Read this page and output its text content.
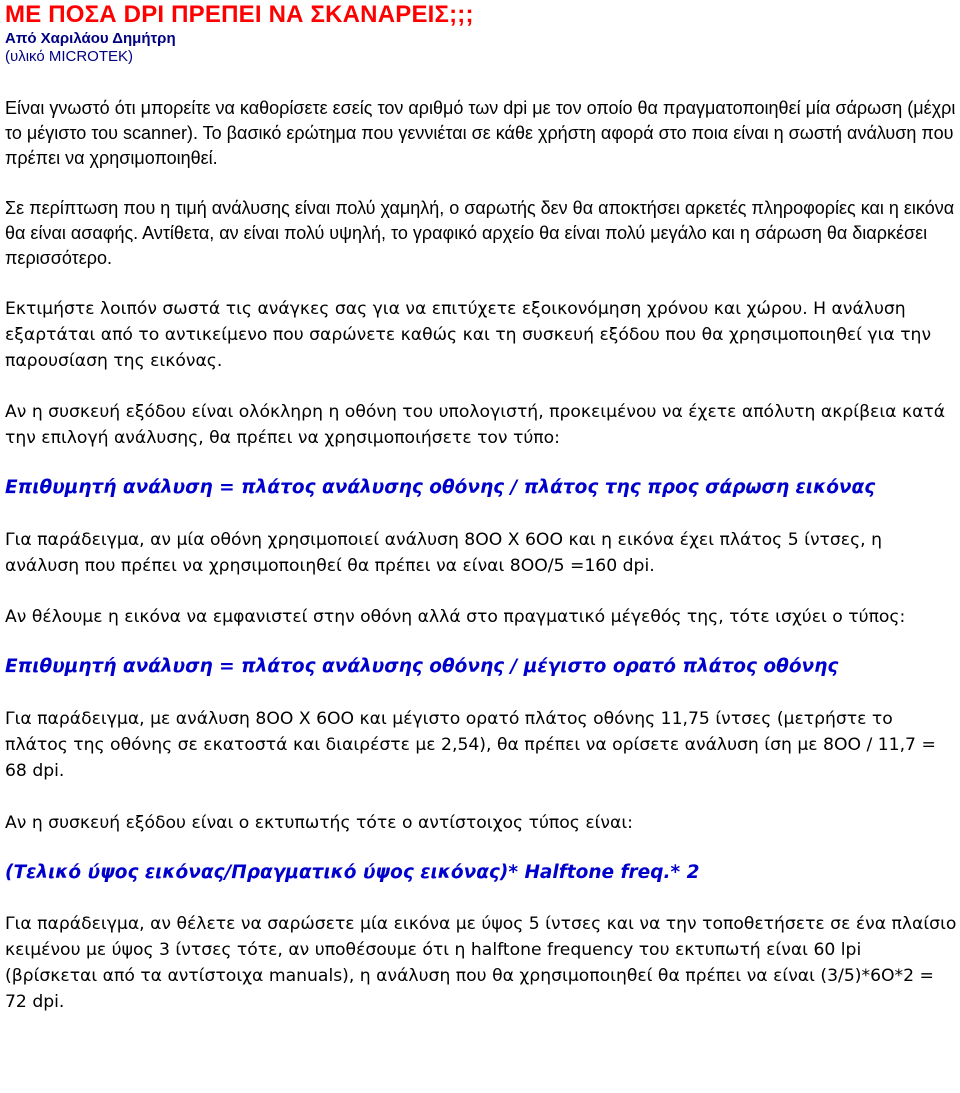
ΜΕ ΠΟΣΑ DPI ΠΡΕΠΕΙ ΝΑ ΣΚΑΝΑΡΕΙΣ;;;
Από Χαριλάου Δημήτρη
(υλικό MICROTEK)

Είναι γνωστό ότι μπορείτε να καθορίσετε εσείς τον αριθμό των dpi με τον οποίο θα πραγματοποιηθεί μία σάρωση (μέχρι το μέγιστο του scanner). Το βασικό ερώτημα που γεννιέται σε κάθε χρήστη αφορά στο ποια είναι η σωστή ανάλυση που πρέπει να χρησιμοποιηθεί.

Σε περίπτωση που η τιμή ανάλυσης είναι πολύ χαμηλή, ο σαρωτής δεν θα αποκτήσει αρκετές πληροφορίες και η εικόνα θα είναι ασαφής. Αντίθετα, αν είναι πολύ υψηλή, το γραφικό αρχείο θα είναι πολύ μεγάλο και η σάρωση θα διαρκέσει περισσότερο.

Εκτιμήστε λοιπόν σωστά τις ανάγκες σας για να επιτύχετε εξοικονόμηση χρόνου και χώρου. Η ανάλυση εξαρτάται από το αντικείμενο που σαρώνετε καθώς και τη συσκευή εξόδου που θα χρησιμοποιηθεί για την παρουσίαση της εικόνας.

Αν η συσκευή εξόδου είναι ολόκληρη η οθόνη του υπολογιστή, προκειμένου να έχετε απόλυτη ακρίβεια κατά την επιλογή ανάλυσης, θα πρέπει να χρησιμοποιήσετε τον τύπο:

Επιθυμητή ανάλυση = πλάτος ανάλυσης οθόνης / πλάτος της προς σάρωση εικόνας

Για παράδειγμα, αν μία οθόνη χρησιμοποιεί ανάλυση 8ΟΟ Χ 6ΟΟ και η εικόνα έχει πλάτος 5 ίντσες, η ανάλυση που πρέπει να χρησιμοποιηθεί θα πρέπει να είναι 8ΟΟ/5 =160 dpi.

Αν θέλουμε η εικόνα να εμφανιστεί στην οθόνη αλλά στο πραγματικό μέγεθός της, τότε ισχύει ο τύπος:

Επιθυμητή ανάλυση = πλάτος ανάλυσης οθόνης / μέγιστο ορατό πλάτος οθόνης

Για παράδειγμα, με ανάλυση 8ΟΟ Χ 6ΟΟ και μέγιστο ορατό πλάτος οθόνης 11,75 ίντσες (μετρήστε το πλάτος της οθόνης σε εκατοστά και διαιρέστε με 2,54), θα πρέπει να ορίσετε ανάλυση ίση με 8ΟΟ / 11,7 = 68 dpi.

Αν η συσκευή εξόδου είναι ο εκτυπωτής τότε ο αντίστοιχος τύπος είναι:

(Τελικό ύψος εικόνας/Πραγματικό ύψος εικόνας)* Halftone freq.* 2

Για παράδειγμα, αν θέλετε να σαρώσετε μία εικόνα με ύψος 5 ίντσες και να την τοποθετήσετε σε ένα πλαίσιο κειμένου με ύψος 3 ίντσες τότε, αν υποθέσουμε ότι η halftone frequency του εκτυπωτή είναι 60 lpi (βρίσκεται από τα αντίστοιχα manuals), η ανάλυση που θα χρησιμοποιηθεί θα πρέπει να είναι (3/5)*6Ο*2 = 72 dpi.
